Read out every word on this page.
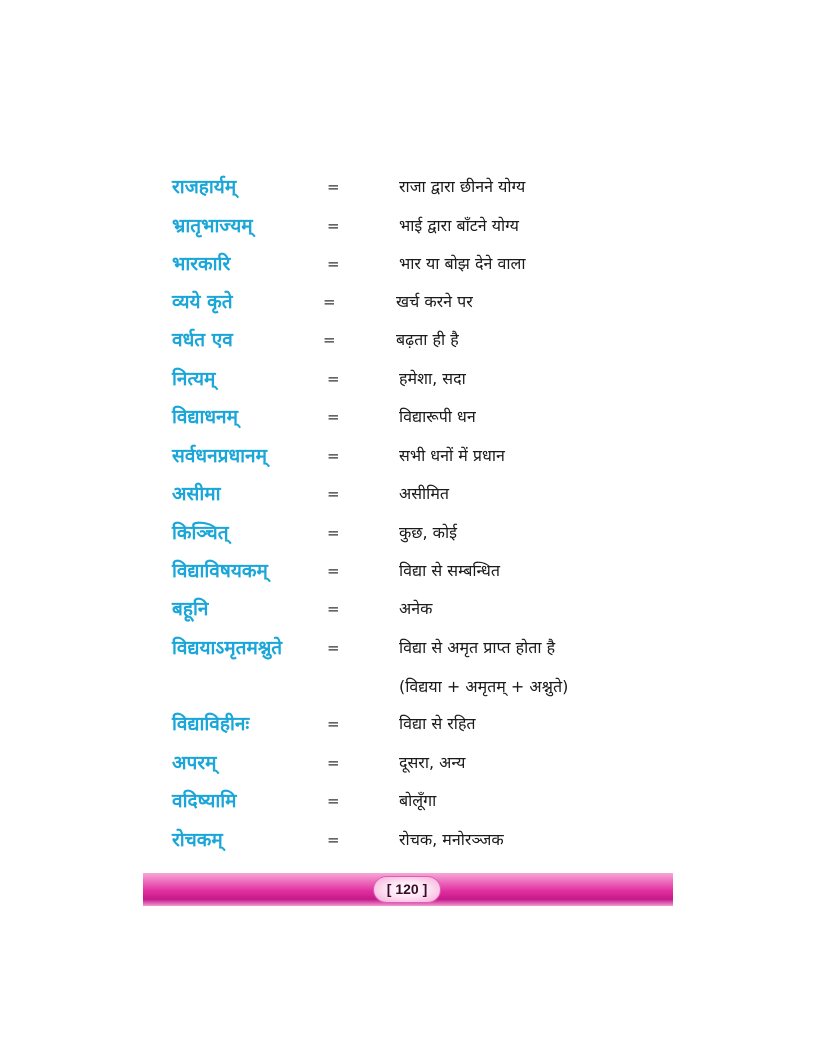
राजहार्यम्	=	राजा द्वारा छीनने योग्य
भ्रातृभाज्यम्	=	भाई द्वारा बाँटने योग्य
भारकारि	=	भार या बोझ देने वाला
व्यये कृते	=	खर्च करने पर
वर्धत एव	=	बढ़ता ही है
नित्यम्	=	हमेशा, सदा
विद्याधनम्	=	विद्यारूपी धन
सर्वधनप्रधानम्	=	सभी धनों में प्रधान
असीमा	=	असीमित
किञ्चित्	=	कुछ, कोई
विद्याविषयकम्	=	विद्या से सम्बन्धित
बहूनि	=	अनेक
विद्ययाऽमृतमश्नुते	=	विद्या से अमृत प्राप्त होता है
(विद्यया + अमृतम् + अश्नुते)
विद्याविहीनः	=	विद्या से रहित
अपरम्	=	दूसरा, अन्य
वदिष्यामि	=	बोलूँगा
रोचकम्	=	रोचक, मनोरञ्जक
[ 120 ]
